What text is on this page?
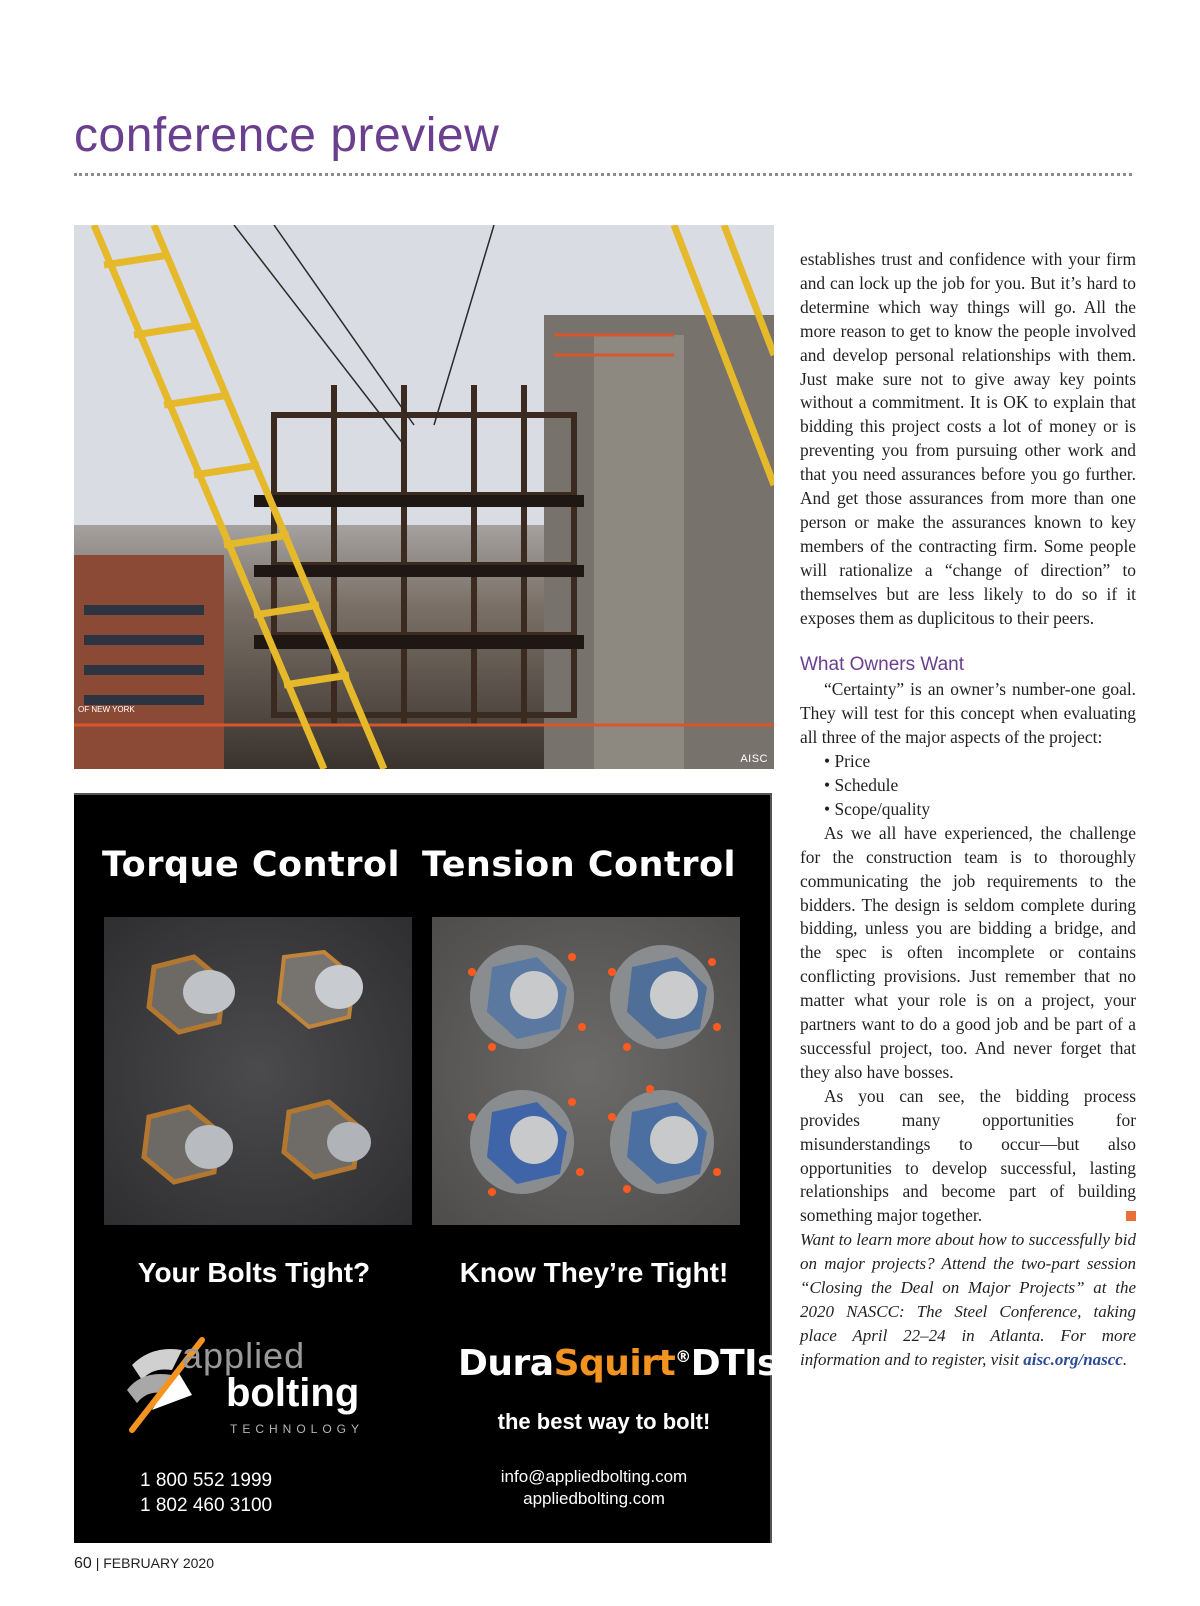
conference preview
OF NEW YORK
AISC
Torque Control Tension Control
Your Bolts Tight?	Know They’re Tight!
applied
bolting
TECHNOLOGY
DuraSquirt®DTIs
the best way to bolt!
1 800 552 1999
1 802 460 3100
info@appliedbolting.com
appliedbolting.com

establishes trust and confidence with your firm and can lock up the job for you. But it’s hard to determine which way things will go. All the more reason to get to know the people involved and develop personal relationships with them. Just make sure not to give away key points without a commitment. It is OK to explain that bidding this project costs a lot of money or is preventing you from pursuing other work and that you need assurances before you go further. And get those assurances from more than one person or make the assurances known to key members of the contracting firm. Some people will rationalize a “change of direction” to themselves but are less likely to do so if it exposes them as duplicitous to their peers.

What Owners Want

“Certainty” is an owner’s number-one goal. They will test for this concept when evaluating all three of the major aspects of the project:

• Price
• Schedule
• Scope/quality

As we all have experienced, the challenge for the construction team is to thoroughly communicating the job requirements to the bidders. The design is seldom complete during bidding, unless you are bidding a bridge, and the spec is often incomplete or contains conflicting provisions. Just remember that no matter what your role is on a project, your partners want to do a good job and be part of a successful project, too. And never forget that they also have bosses.

As you can see, the bidding process provides many opportunities for misunderstandings to occur—but also opportunities to develop successful, lasting relationships and become part of building something major together.

Want to learn more about how to successfully bid on major projects? Attend the two-part session “Closing the Deal on Major Projects” at the 2020 NASCC: The Steel Conference, taking place April 22–24 in Atlanta. For more information and to register, visit aisc.org/nascc.

60 | FEBRUARY 2020
